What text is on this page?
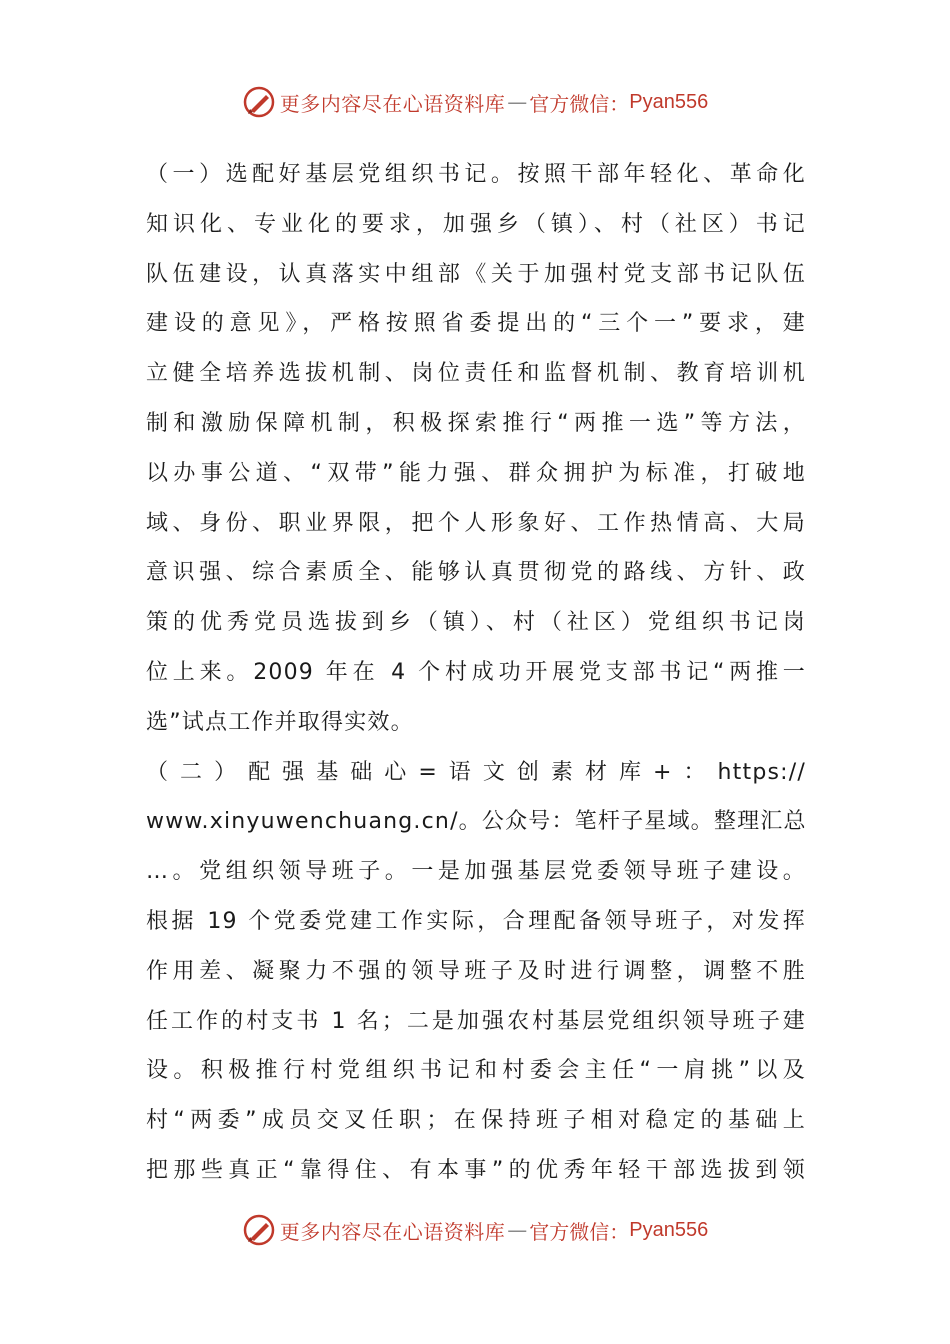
更多内容尽在心语资料库 — 官方微信： Pyan556
（一）选配好基层党组织书记。按照干部年轻化、革命化
知识化、专业化的要求，加强乡（镇）、村（社区）书记
队伍建设，认真落实中组部《关于加强村党支部书记队伍
建设的意见》，严格按照省委提出的“三个一”要求，建
立健全培养选拔机制、岗位责任和监督机制、教育培训机
制和激励保障机制，积极探索推行“两推一选”等方法，
以办事公道、“双带”能力强、群众拥护为标准，打破地
域、身份、职业界限，把个人形象好、工作热情高、大局
意识强、综合素质全、能够认真贯彻党的路线、方针、政
策的优秀党员选拔到乡（镇）、村（社区）党组织书记岗
位上来。2009 年在 4 个村成功开展党支部书记“两推一
选”试点工作并取得实效。
（二）配强基础心=语文创素材库+：https://
www.xinyuwenchuang.cn/。公众号：笔杆子星域。整理汇总
…。党组织领导班子。一是加强基层党委领导班子建设。
根据 19 个党委党建工作实际，合理配备领导班子，对发挥
作用差、凝聚力不强的领导班子及时进行调整，调整不胜
任工作的村支书 1 名；二是加强农村基层党组织领导班子建
设。积极推行村党组织书记和村委会主任“一肩挑”以及
村“两委”成员交叉任职；在保持班子相对稳定的基础上
把那些真正“靠得住、有本事”的优秀年轻干部选拔到领
更多内容尽在心语资料库 — 官方微信： Pyan556
